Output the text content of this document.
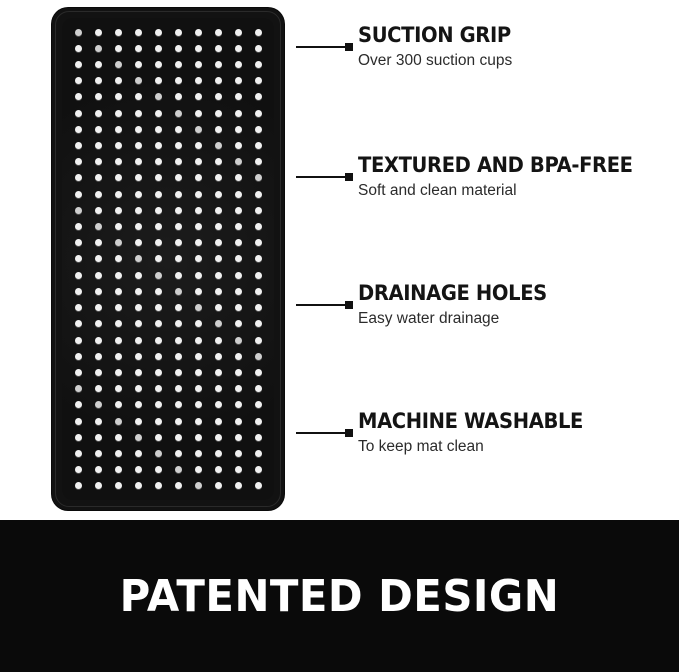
SUCTION GRIP
Over 300 suction cups
TEXTURED AND BPA-FREE
Soft and clean material
DRAINAGE HOLES
Easy water drainage
MACHINE WASHABLE
To keep mat clean
PATENTED DESIGN
